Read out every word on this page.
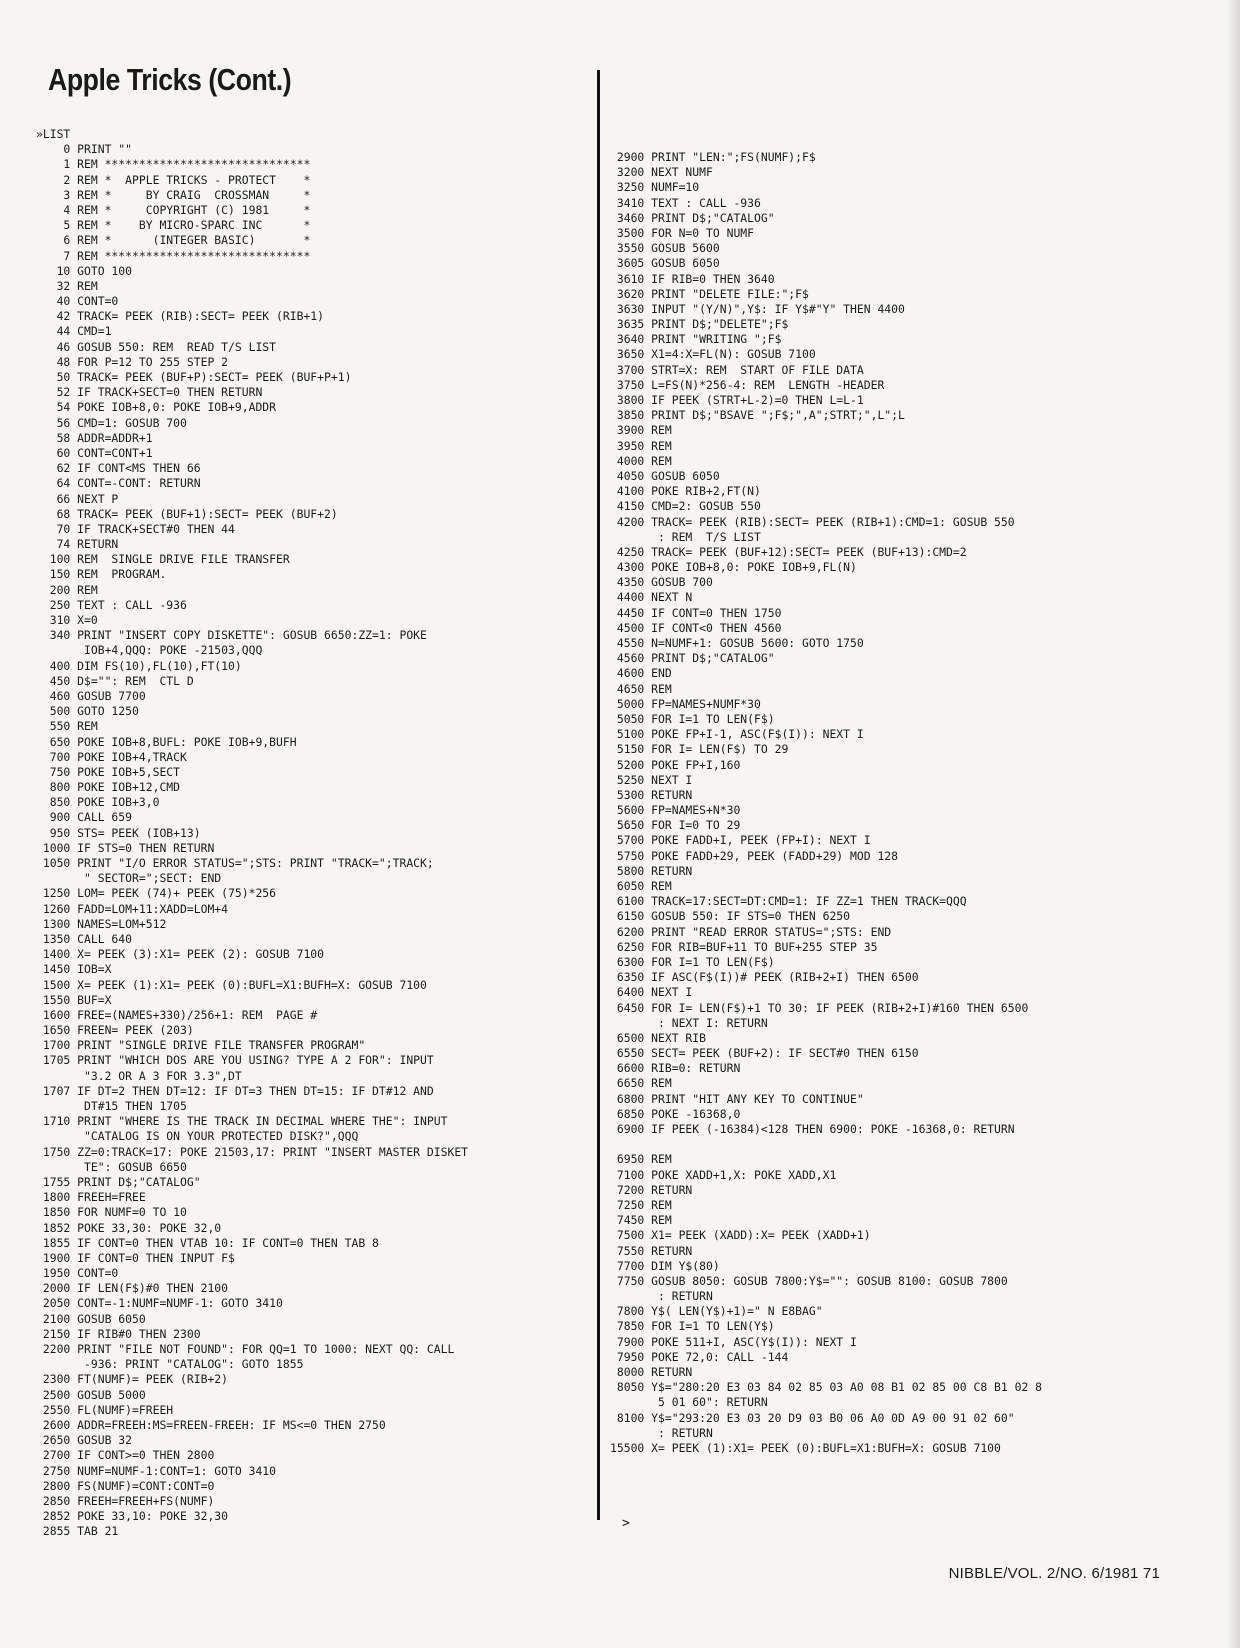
Apple Tricks (Cont.)
»LIST
0 PRINT ""
1 REM ******************************
2 REM *  APPLE TRICKS - PROTECT    *
3 REM *     BY CRAIG  CROSSMAN     *
4 REM *     COPYRIGHT (C) 1981     *
5 REM *    BY MICRO-SPARC INC      *
6 REM *      (INTEGER BASIC)       *
7 REM ******************************
10 GOTO 100
32 REM
40 CONT=0
42 TRACK= PEEK (RIB):SECT= PEEK (RIB+1)
44 CMD=1
46 GOSUB 550: REM  READ T/S LIST
48 FOR P=12 TO 255 STEP 2
50 TRACK= PEEK (BUF+P):SECT= PEEK (BUF+P+1)
52 IF TRACK+SECT=0 THEN RETURN
54 POKE IOB+8,0: POKE IOB+9,ADDR
56 CMD=1: GOSUB 700
58 ADDR=ADDR+1
60 CONT=CONT+1
62 IF CONT<MS THEN 66
64 CONT=-CONT: RETURN
66 NEXT P
68 TRACK= PEEK (BUF+1):SECT= PEEK (BUF+2)
70 IF TRACK+SECT#0 THEN 44
74 RETURN
100 REM  SINGLE DRIVE FILE TRANSFER
150 REM  PROGRAM.
200 REM
250 TEXT : CALL -936
310 X=0
340 PRINT "INSERT COPY DISKETTE": GOSUB 6650:ZZ=1: POKE
IOB+4,QQQ: POKE -21503,QQQ
400 DIM FS(10),FL(10),FT(10)
450 D$="": REM  CTL D
460 GOSUB 7700
500 GOTO 1250
550 REM
650 POKE IOB+8,BUFL: POKE IOB+9,BUFH
700 POKE IOB+4,TRACK
750 POKE IOB+5,SECT
800 POKE IOB+12,CMD
850 POKE IOB+3,0
900 CALL 659
950 STS= PEEK (IOB+13)
1000 IF STS=0 THEN RETURN
1050 PRINT "I/O ERROR STATUS=";STS: PRINT "TRACK=";TRACK;
" SECTOR=";SECT: END
1250 LOM= PEEK (74)+ PEEK (75)*256
1260 FADD=LOM+11:XADD=LOM+4
1300 NAMES=LOM+512
1350 CALL 640
1400 X= PEEK (3):X1= PEEK (2): GOSUB 7100
1450 IOB=X
1500 X= PEEK (1):X1= PEEK (0):BUFL=X1:BUFH=X: GOSUB 7100
1550 BUF=X
1600 FREE=(NAMES+330)/256+1: REM  PAGE #
1650 FREEN= PEEK (203)
1700 PRINT "SINGLE DRIVE FILE TRANSFER PROGRAM"
1705 PRINT "WHICH DOS ARE YOU USING? TYPE A 2 FOR": INPUT
"3.2 OR A 3 FOR 3.3",DT
1707 IF DT=2 THEN DT=12: IF DT=3 THEN DT=15: IF DT#12 AND
DT#15 THEN 1705
1710 PRINT "WHERE IS THE TRACK IN DECIMAL WHERE THE": INPUT
"CATALOG IS ON YOUR PROTECTED DISK?",QQQ
1750 ZZ=0:TRACK=17: POKE 21503,17: PRINT "INSERT MASTER DISKET
TE": GOSUB 6650
1755 PRINT D$;"CATALOG"
1800 FREEH=FREE
1850 FOR NUMF=0 TO 10
1852 POKE 33,30: POKE 32,0
1855 IF CONT=0 THEN VTAB 10: IF CONT=0 THEN TAB 8
1900 IF CONT=0 THEN INPUT F$
1950 CONT=0
2000 IF LEN(F$)#0 THEN 2100
2050 CONT=-1:NUMF=NUMF-1: GOTO 3410
2100 GOSUB 6050
2150 IF RIB#0 THEN 2300
2200 PRINT "FILE NOT FOUND": FOR QQ=1 TO 1000: NEXT QQ: CALL
-936: PRINT "CATALOG": GOTO 1855
2300 FT(NUMF)= PEEK (RIB+2)
2500 GOSUB 5000
2550 FL(NUMF)=FREEH
2600 ADDR=FREEH:MS=FREEN-FREEH: IF MS<=0 THEN 2750
2650 GOSUB 32
2700 IF CONT>=0 THEN 2800
2750 NUMF=NUMF-1:CONT=1: GOTO 3410
2800 FS(NUMF)=CONT:CONT=0
2850 FREEH=FREEH+FS(NUMF)
2852 POKE 33,10: POKE 32,30
2855 TAB 21
2900 PRINT "LEN:";FS(NUMF);F$
3200 NEXT NUMF
3250 NUMF=10
3410 TEXT : CALL -936
3460 PRINT D$;"CATALOG"
3500 FOR N=0 TO NUMF
3550 GOSUB 5600
3605 GOSUB 6050
3610 IF RIB=0 THEN 3640
3620 PRINT "DELETE FILE:";F$
3630 INPUT "(Y/N)",Y$: IF Y$#"Y" THEN 4400
3635 PRINT D$;"DELETE";F$
3640 PRINT "WRITING ";F$
3650 X1=4:X=FL(N): GOSUB 7100
3700 STRT=X: REM  START OF FILE DATA
3750 L=FS(N)*256-4: REM  LENGTH -HEADER
3800 IF PEEK (STRT+L-2)=0 THEN L=L-1
3850 PRINT D$;"BSAVE ";F$;",A";STRT;",L";L
3900 REM
3950 REM
4000 REM
4050 GOSUB 6050
4100 POKE RIB+2,FT(N)
4150 CMD=2: GOSUB 550
4200 TRACK= PEEK (RIB):SECT= PEEK (RIB+1):CMD=1: GOSUB 550
: REM  T/S LIST
4250 TRACK= PEEK (BUF+12):SECT= PEEK (BUF+13):CMD=2
4300 POKE IOB+8,0: POKE IOB+9,FL(N)
4350 GOSUB 700
4400 NEXT N
4450 IF CONT=0 THEN 1750
4500 IF CONT<0 THEN 4560
4550 N=NUMF+1: GOSUB 5600: GOTO 1750
4560 PRINT D$;"CATALOG"
4600 END
4650 REM
5000 FP=NAMES+NUMF*30
5050 FOR I=1 TO LEN(F$)
5100 POKE FP+I-1, ASC(F$(I)): NEXT I
5150 FOR I= LEN(F$) TO 29
5200 POKE FP+I,160
5250 NEXT I
5300 RETURN
5600 FP=NAMES+N*30
5650 FOR I=0 TO 29
5700 POKE FADD+I, PEEK (FP+I): NEXT I
5750 POKE FADD+29, PEEK (FADD+29) MOD 128
5800 RETURN
6050 REM
6100 TRACK=17:SECT=DT:CMD=1: IF ZZ=1 THEN TRACK=QQQ
6150 GOSUB 550: IF STS=0 THEN 6250
6200 PRINT "READ ERROR STATUS=";STS: END
6250 FOR RIB=BUF+11 TO BUF+255 STEP 35
6300 FOR I=1 TO LEN(F$)
6350 IF ASC(F$(I))# PEEK (RIB+2+I) THEN 6500
6400 NEXT I
6450 FOR I= LEN(F$)+1 TO 30: IF PEEK (RIB+2+I)#160 THEN 6500
: NEXT I: RETURN
6500 NEXT RIB
6550 SECT= PEEK (BUF+2): IF SECT#0 THEN 6150
6600 RIB=0: RETURN
6650 REM
6800 PRINT "HIT ANY KEY TO CONTINUE"
6850 POKE -16368,0
6900 IF PEEK (-16384)<128 THEN 6900: POKE -16368,0: RETURN
6950 REM
7100 POKE XADD+1,X: POKE XADD,X1
7200 RETURN
7250 REM
7450 REM
7500 X1= PEEK (XADD):X= PEEK (XADD+1)
7550 RETURN
7700 DIM Y$(80)
7750 GOSUB 8050: GOSUB 7800:Y$="": GOSUB 8100: GOSUB 7800
: RETURN
7800 Y$( LEN(Y$)+1)=" N E8BAG"
7850 FOR I=1 TO LEN(Y$)
7900 POKE 511+I, ASC(Y$(I)): NEXT I
7950 POKE 72,0: CALL -144
8000 RETURN
8050 Y$="280:20 E3 03 84 02 85 03 A0 08 B1 02 85 00 C8 B1 02 8
5 01 60": RETURN
8100 Y$="293:20 E3 03 20 D9 03 B0 06 A0 0D A9 00 91 02 60"
: RETURN
15500 X= PEEK (1):X1= PEEK (0):BUFL=X1:BUFH=X: GOSUB 7100
>
NIBBLE/VOL. 2/NO. 6/1981 71
